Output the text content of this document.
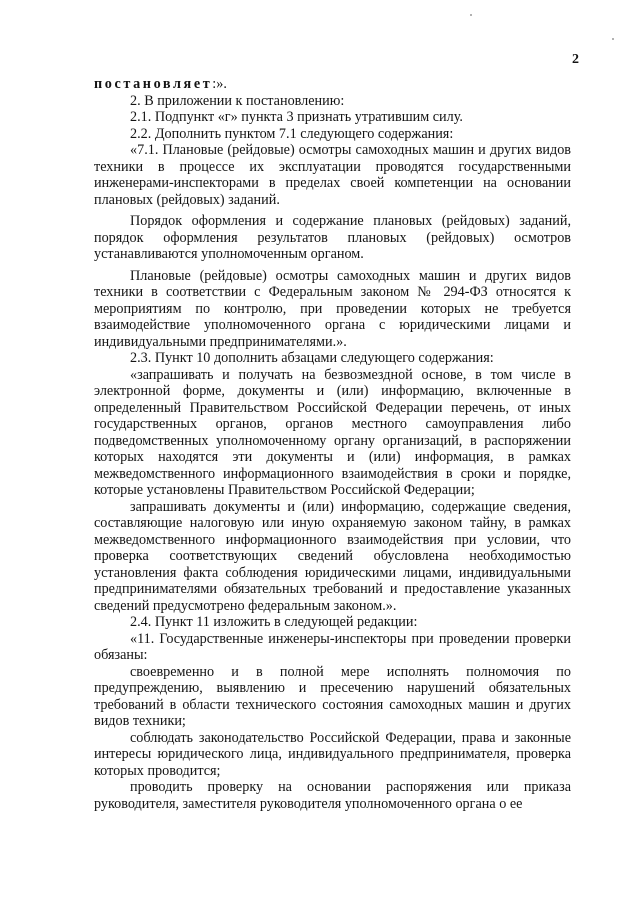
2

постановляет:».

2. В приложении к постановлению:

2.1. Подпункт «г» пункта 3 признать утратившим силу.

2.2. Дополнить пунктом 7.1 следующего содержания:

«7.1. Плановые (рейдовые) осмотры самоходных машин и других видов техники в процессе их эксплуатации проводятся государственными инженерами-инспекторами в пределах своей компетенции на основании плановых (рейдовых) заданий.

Порядок оформления и содержание плановых (рейдовых) заданий, порядок оформления результатов плановых (рейдовых) осмотров устанавливаются уполномоченным органом.

Плановые (рейдовые) осмотры самоходных машин и других видов техники в соответствии с Федеральным законом № 294-ФЗ относятся к мероприятиям по контролю, при проведении которых не требуется взаимодействие уполномоченного органа с юридическими лицами и индивидуальными предпринимателями.».

2.3. Пункт 10 дополнить абзацами следующего содержания:

«запрашивать и получать на безвозмездной основе, в том числе в электронной форме, документы и (или) информацию, включенные в определенный Правительством Российской Федерации перечень, от иных государственных органов, органов местного самоуправления либо подведомственных уполномоченному органу организаций, в распоряжении которых находятся эти документы и (или) информация, в рамках межведомственного информационного взаимодействия в сроки и порядке, которые установлены Правительством Российской Федерации;

запрашивать документы и (или) информацию, содержащие сведения, составляющие налоговую или иную охраняемую законом тайну, в рамках межведомственного информационного взаимодействия при условии, что проверка соответствующих сведений обусловлена необходимостью установления факта соблюдения юридическими лицами, индивидуальными предпринимателями обязательных требований и предоставление указанных сведений предусмотрено федеральным законом.».

2.4. Пункт 11 изложить в следующей редакции:

«11. Государственные инженеры-инспекторы при проведении проверки обязаны:

своевременно и в полной мере исполнять полномочия по предупреждению, выявлению и пресечению нарушений обязательных требований в области технического состояния самоходных машин и других видов техники;

соблюдать законодательство Российской Федерации, права и законные интересы юридического лица, индивидуального предпринимателя, проверка которых проводится;

проводить проверку на основании распоряжения или приказа руководителя, заместителя руководителя уполномоченного органа о ее
